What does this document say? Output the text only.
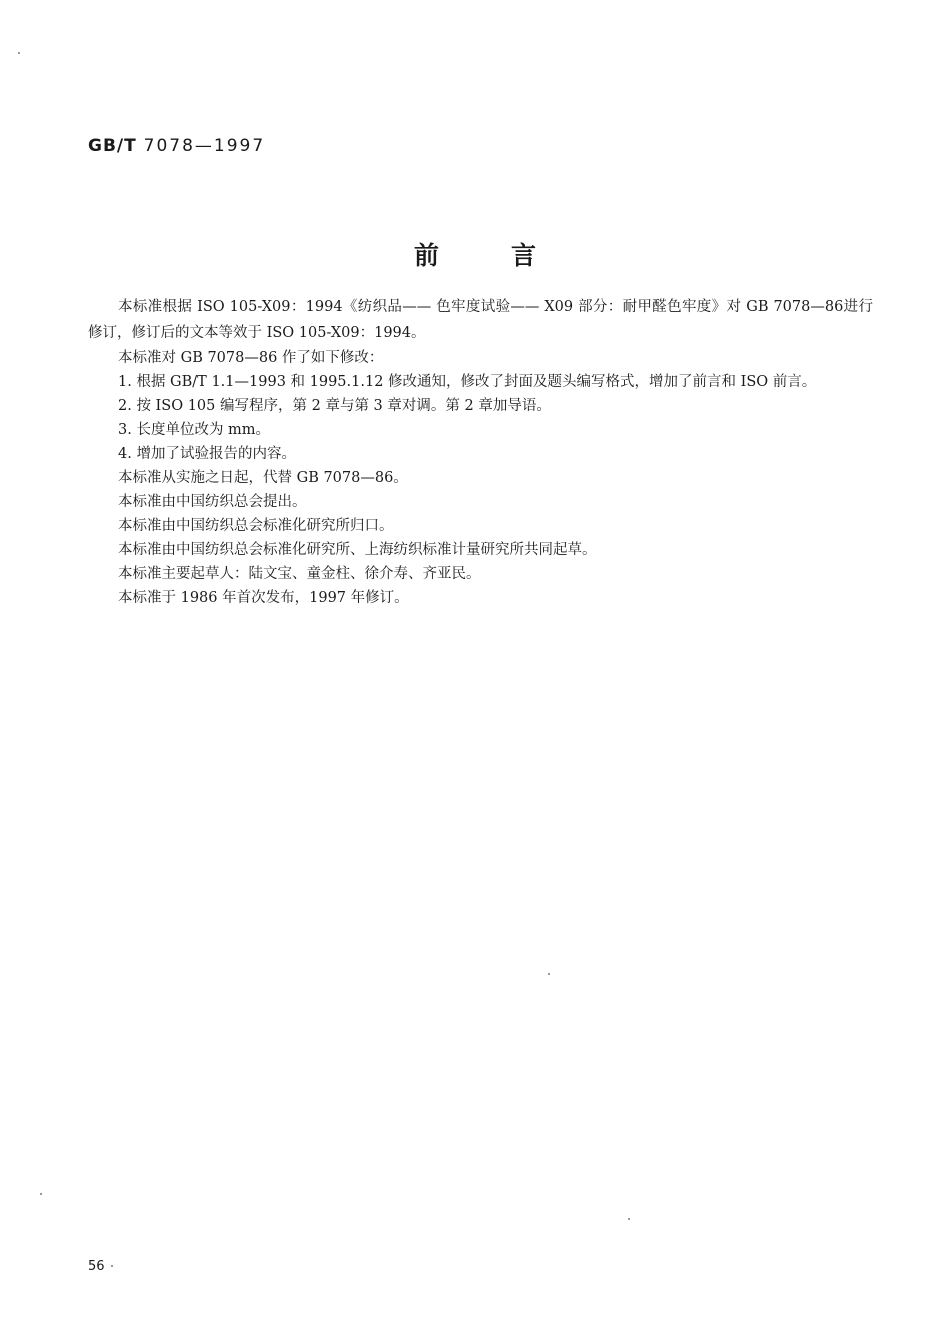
GB/T 7078—1997
前	言

本标准根据 ISO 105-X09：1994《纺织品—— 色牢度试验—— X09 部分：耐甲醛色牢度》对 GB 7078—86进行修订，修订后的文本等效于 ISO 105-X09：1994。

本标准对 GB 7078—86 作了如下修改：

1. 根据 GB/T 1.1—1993 和 1995.1.12 修改通知，修改了封面及题头编写格式，增加了前言和 ISO 前言。

2. 按 ISO 105 编写程序，第 2 章与第 3 章对调。第 2 章加导语。

3. 长度单位改为 mm。

4. 增加了试验报告的内容。

本标准从实施之日起，代替 GB 7078—86。

本标准由中国纺织总会提出。

本标准由中国纺织总会标准化研究所归口。

本标准由中国纺织总会标准化研究所、上海纺织标准计量研究所共同起草。

本标准主要起草人：陆文宝、童金柱、徐介寿、齐亚民。

本标准于 1986 年首次发布，1997 年修订。

56
